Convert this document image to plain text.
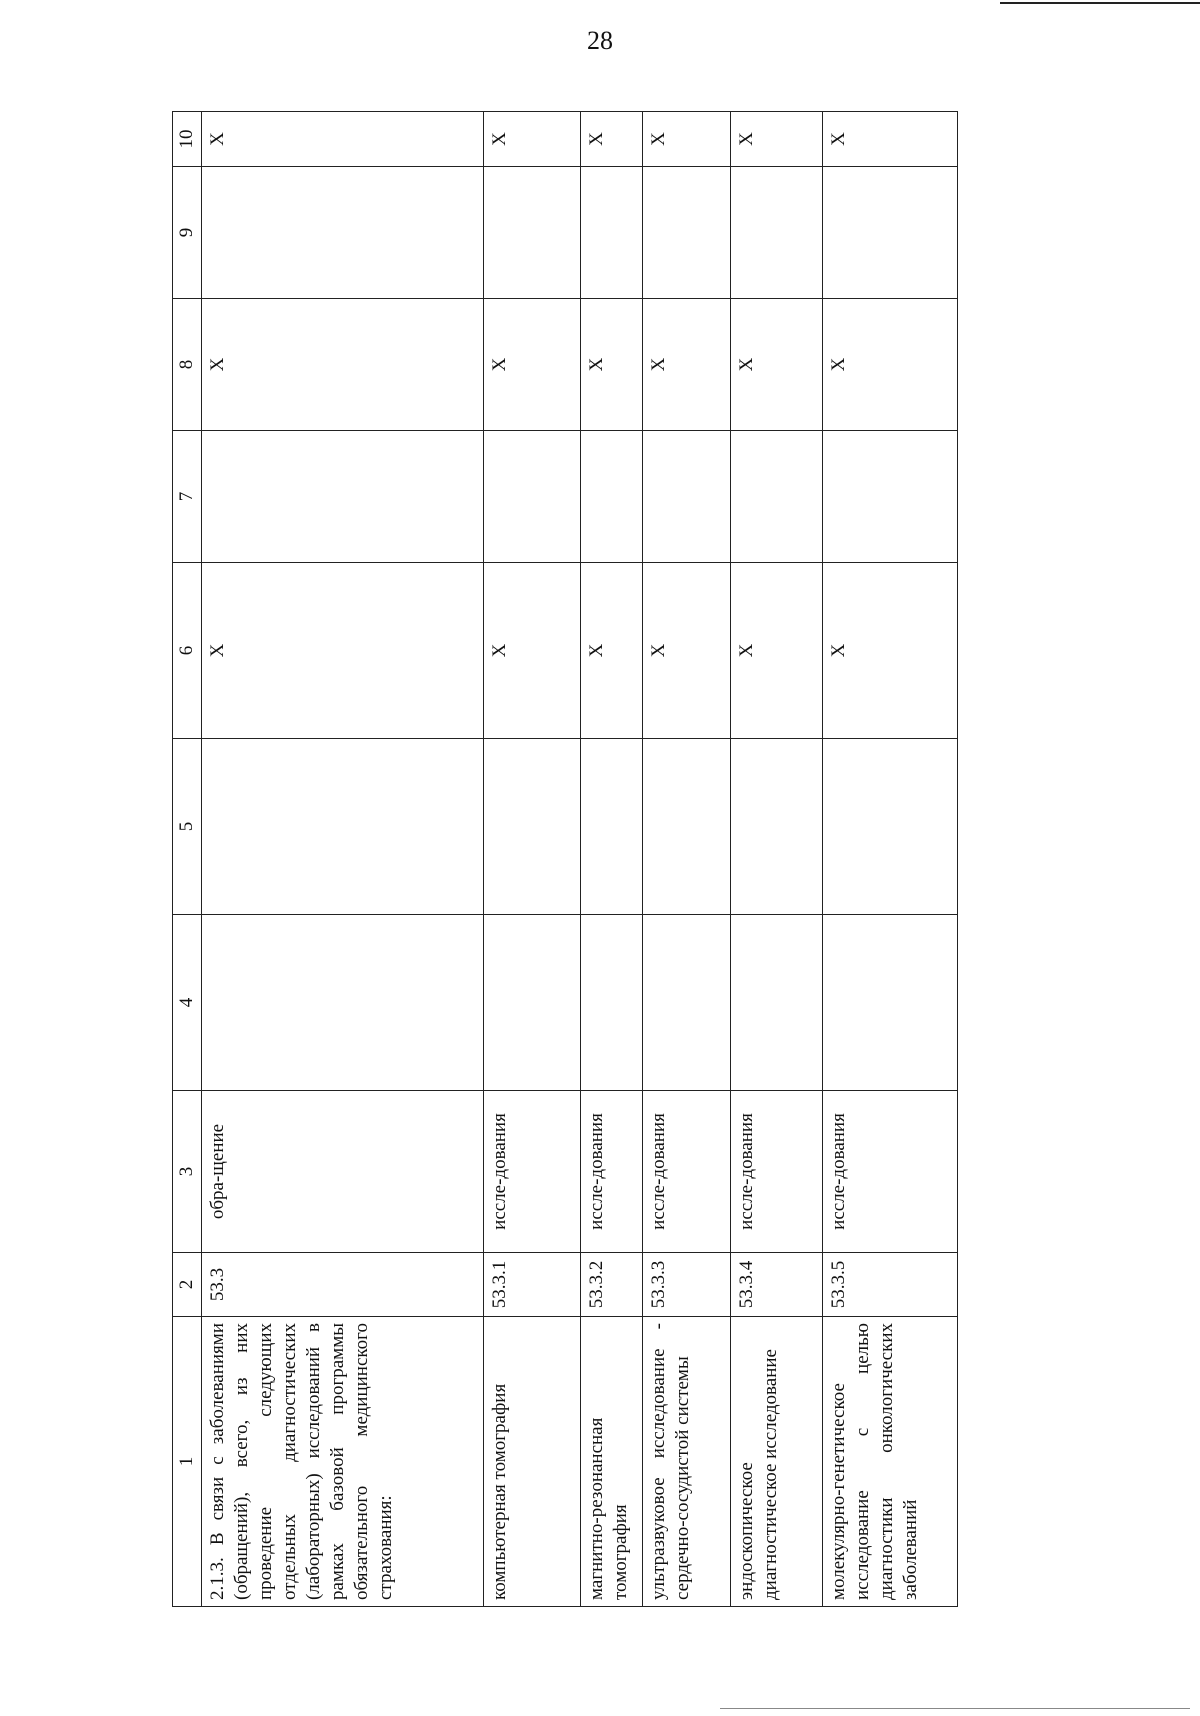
28
1	2	3	4	5	6	7	8	9	10
2.1.3. В связи с заболеваниями (обращений), всего, из них проведение следующих отдельных диагностических (лабораторных) исследований в рамках базовой программы обязательного медицинского страхования:	53.3	обра-щение			X		X		X
компьютерная томография	53.3.1	иссле-дования			X		X		X
магнитно-резонансная томография	53.3.2	иссле-дования			X		X		X
ультразвуковое исследование - сердечно-сосудистой системы	53.3.3	иссле-дования			X		X		X
эндоскопическое диагностическое исследование	53.3.4	иссле-дования			X		X		X
молекулярно-генетическое исследование с целью диагностики онкологических заболеваний	53.3.5	иссле-дования			X		X		X
